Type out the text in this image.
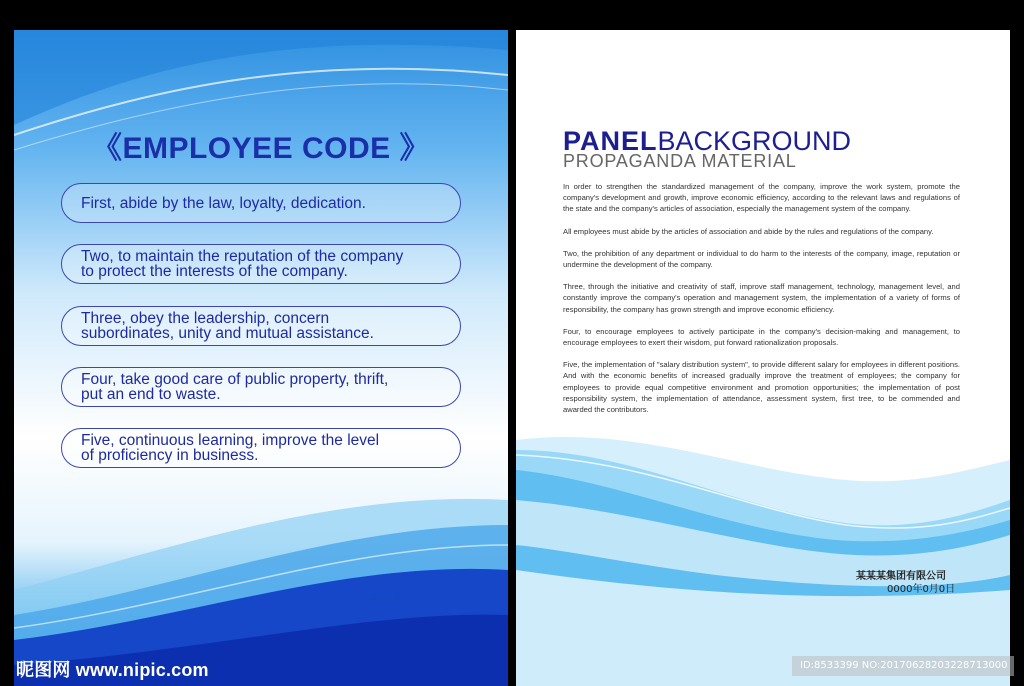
《EMPLOYEE CODE 》
First, abide by the law, loyalty, dedication.
Two, to maintain the reputation of the company
to protect the interests of the company.
Three, obey the leadership, concern
subordinates, unity and mutual assistance.
Four, take good care of public property, thrift,
put an end to waste.
Five, continuous learning, improve the level
of proficiency in business.
某某某集
昵图网 www.nipic.com
PANELBACKGROUND
PROPAGANDA MATERIAL

In order to strengthen the standardized management of the company, improve the work system, promote the company's development and growth, improve economic efficiency, according to the relevant laws and regulations of the state and the company's articles of association, especially the management system of the company.

All employees must abide by the articles of association and abide by the rules and regulations of the company.

Two, the prohibition of any department or individual to do harm to the interests of the company, image, reputation or undermine the development of the company.

Three, through the initiative and creativity of staff, improve staff management, technology, management level, and constantly improve the company's operation and management system, the implementation of a variety of forms of responsibility, the company has grown strength and improve economic efficiency.

Four, to encourage employees to actively participate in the company's decision-making and management, to encourage employees to exert their wisdom, put forward rationalization proposals.

Five, the implementation of "salary distribution system", to provide different salary for employees in different positions. And with the economic benefits of increased gradually improve the treatment of employees; the company for employees to provide equal competitive environment and promotion opportunities; the implementation of post responsibility system, the implementation of attendance, assessment system, first tree, to be commended and awarded the contributors.

某某某集团有限公司
0000年0月0日
ID:8533399 NO:20170628203228713000
